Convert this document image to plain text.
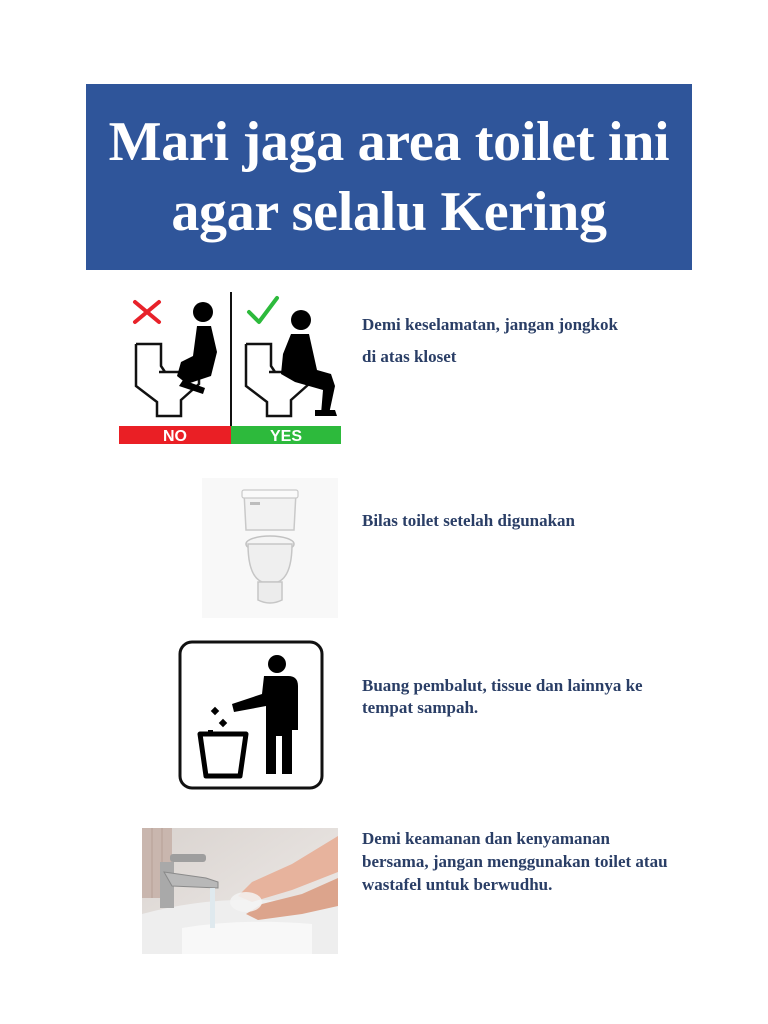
Mari jaga area toilet ini
agar selalu Kering
NO	YES
Demi keselamatan, jangan jongkok
di atas kloset
Bilas toilet setelah digunakan
Buang pembalut, tissue dan lainnya ke
tempat sampah.
Demi keamanan dan kenyamanan
bersama, jangan menggunakan toilet atau
wastafel untuk berwudhu.
